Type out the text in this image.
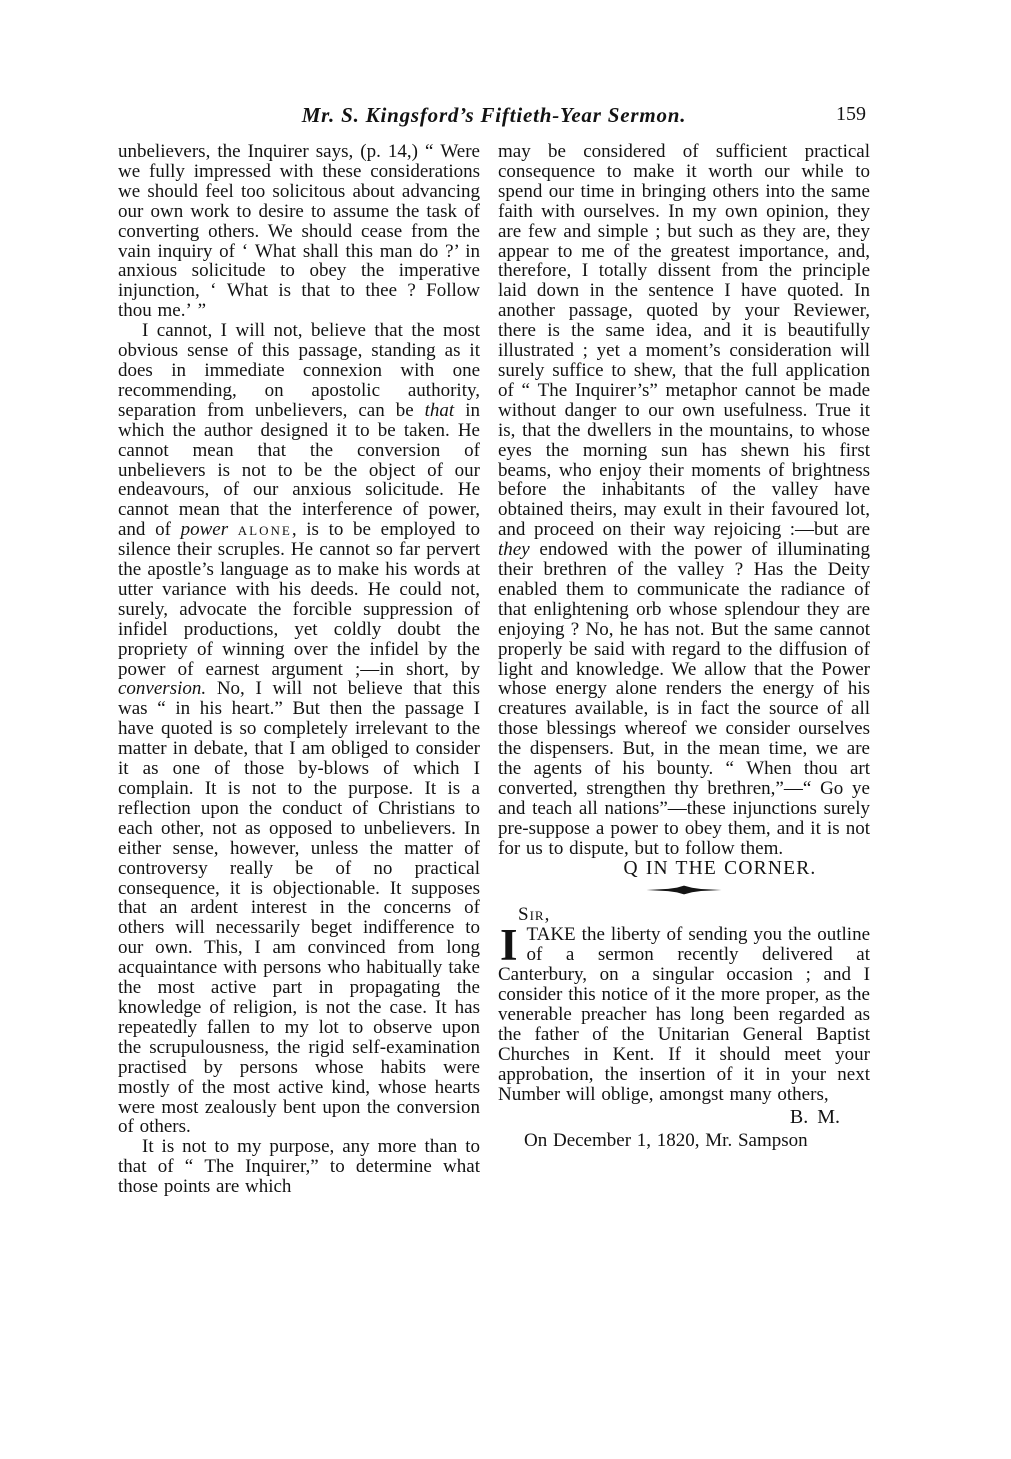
Mr. S. Kingsford’s Fiftieth-Year Sermon.	159

unbelievers, the Inquirer says, (p. 14,) “ Were we fully impressed with these considerations we should feel too solicitous about advancing our own work to desire to assume the task of converting others. We should cease from the vain inquiry of ‘ What shall this man do ?’ in anxious solicitude to obey the imperative injunction, ‘ What is that to thee ? Follow thou me.’ ”

I cannot, I will not, believe that the most obvious sense of this passage, standing as it does in immediate connexion with one recommending, on apostolic authority, separation from unbelievers, can be that in which the author designed it to be taken. He cannot mean that the conversion of unbelievers is not to be the object of our endeavours, of our anxious solicitude. He cannot mean that the interference of power, and of power alone, is to be employed to silence their scruples. He cannot so far pervert the apostle’s language as to make his words at utter variance with his deeds. He could not, surely, advocate the forcible suppression of infidel productions, yet coldly doubt the propriety of winning over the infidel by the power of earnest argument ;—in short, by conversion. No, I will not believe that this was “ in his heart.” But then the passage I have quoted is so completely irrelevant to the matter in debate, that I am obliged to consider it as one of those by-blows of which I complain. It is not to the purpose. It is a reflection upon the conduct of Christians to each other, not as opposed to unbelievers. In either sense, however, unless the matter of controversy really be of no practical consequence, it is objectionable. It supposes that an ardent interest in the concerns of others will necessarily beget indifference to our own. This, I am convinced from long acquaintance with persons who habitually take the most active part in propagating the knowledge of religion, is not the case. It has repeatedly fallen to my lot to observe upon the scrupulousness, the rigid self-examination practised by persons whose habits were mostly of the most active kind, whose hearts were most zealously bent upon the conversion of others.

It is not to my purpose, any more than to that of “ The Inquirer,” to determine what those points are which

may be considered of sufficient practical consequence to make it worth our while to spend our time in bringing others into the same faith with ourselves. In my own opinion, they are few and simple ; but such as they are, they appear to me of the greatest importance, and, therefore, I totally dissent from the principle laid down in the sentence I have quoted. In another passage, quoted by your Reviewer, there is the same idea, and it is beautifully illustrated ; yet a moment’s consideration will surely suffice to shew, that the full application of “ The Inquirer’s” metaphor cannot be made without danger to our own usefulness. True it is, that the dwellers in the mountains, to whose eyes the morning sun has shewn his first beams, who enjoy their moments of brightness before the inhabitants of the valley have obtained theirs, may exult in their favoured lot, and proceed on their way rejoicing :—but are they endowed with the power of illuminating their brethren of the valley ? Has the Deity enabled them to communicate the radiance of that enlightening orb whose splendour they are enjoying ? No, he has not. But the same cannot properly be said with regard to the diffusion of light and knowledge. We allow that the Power whose energy alone renders the energy of his creatures available, is in fact the source of all those blessings whereof we consider ourselves the dispensers. But, in the mean time, we are the agents of his bounty. “ When thou art converted, strengthen thy brethren,”—“ Go ye and teach all nations”—these injunctions surely pre-suppose a power to obey them, and it is not for us to dispute, but to follow them.

Q IN THE CORNER.
Sir,

ITAKE the liberty of sending you the outline of a sermon recently delivered at Canterbury, on a singular occasion ; and I consider this notice of it the more proper, as the venerable preacher has long been regarded as the father of the Unitarian General Baptist Churches in Kent. If it should meet your approbation, the insertion of it in your next Number will oblige, amongst many others,

B. M.

On December 1, 1820, Mr. Sampson
